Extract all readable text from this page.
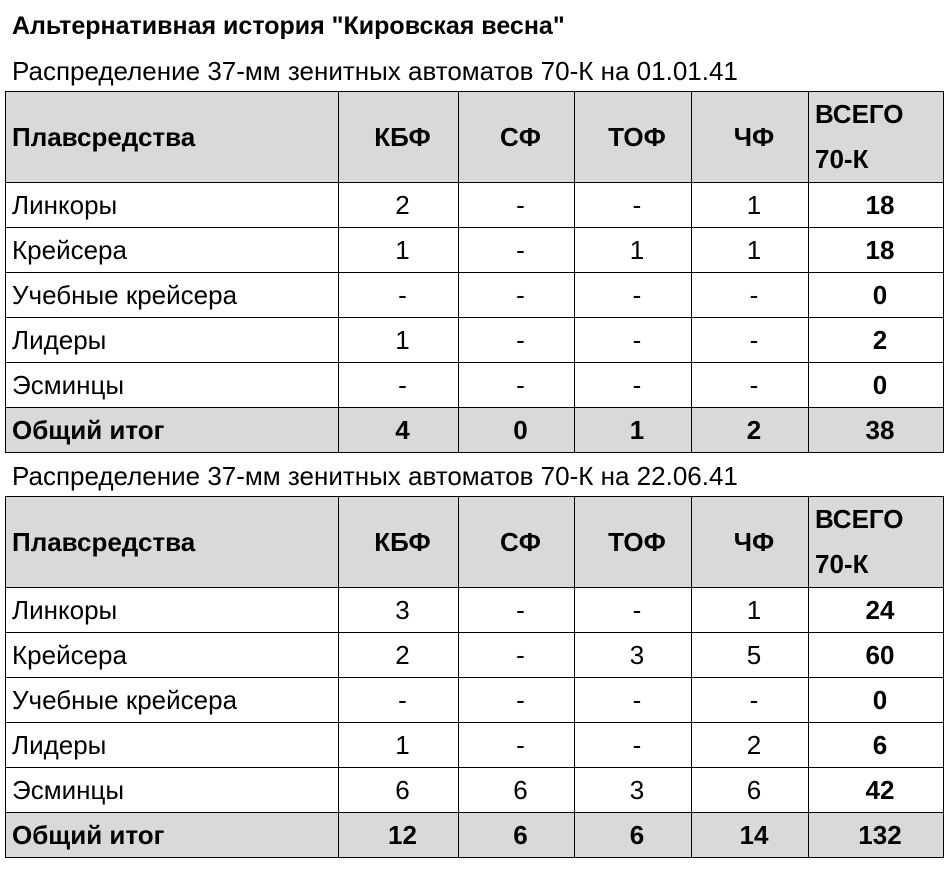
Альтернативная история "Кировская весна"
Распределение 37-мм зенитных автоматов 70-К на 01.01.41
Плавсредства	КБФ	СФ	ТОФ	ЧФ	ВСЕГО 70-К
Линкоры	2	-	-	1	18
Крейсера	1	-	1	1	18
Учебные крейсера	-	-	-	-	0
Лидеры	1	-	-	-	2
Эсминцы	-	-	-	-	0
Общий итог	4	0	1	2	38
Распределение 37-мм зенитных автоматов 70-К на 22.06.41
Плавсредства	КБФ	СФ	ТОФ	ЧФ	ВСЕГО 70-К
Линкоры	3	-	-	1	24
Крейсера	2	-	3	5	60
Учебные крейсера	-	-	-	-	0
Лидеры	1	-	-	2	6
Эсминцы	6	6	3	6	42
Общий итог	12	6	6	14	132
